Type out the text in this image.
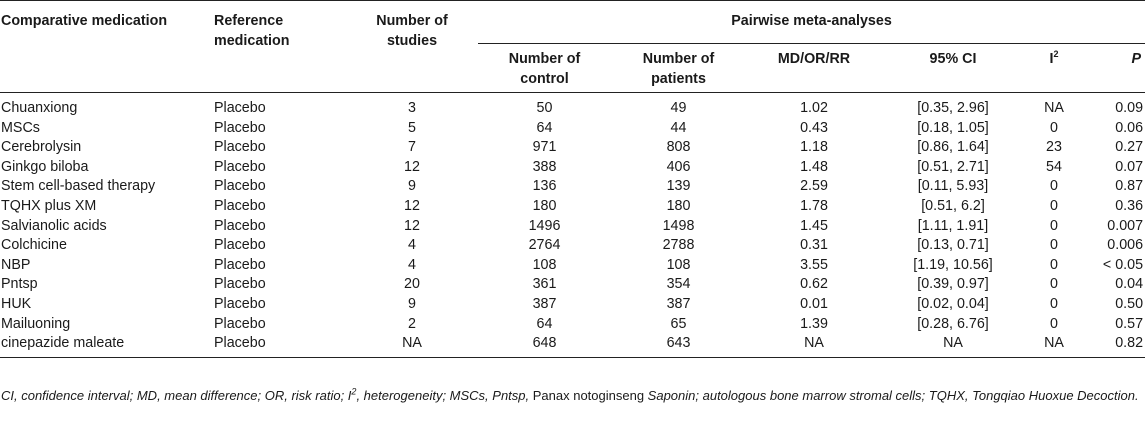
Comparative medication	Reference medication	Number of studies	Pairwise meta-analyses					
			Number of control	Number of patients	MD/OR/RR	95% CI	$I^2$	P
Chuanxiong	Placebo	3	50	49	1.02	[0.35, 2.96]	NA	0.09
MSCs	Placebo	5	64	44	0.43	[0.18, 1.05]	0	0.06
Cerebrolysin	Placebo	7	971	808	1.18	[0.86, 1.64]	23	0.27
Ginkgo biloba	Placebo	12	388	406	1.48	[0.51, 2.71]	54	0.07
Stem cell-based therapy	Placebo	9	136	139	2.59	[0.11, 5.93]	0	0.87
TQHX plus XM	Placebo	12	180	180	1.78	[0.51, 6.2]	0	0.36
Salvianolic acids	Placebo	12	1496	1498	1.45	[1.11, 1.91]	0	0.007
Colchicine	Placebo	4	2764	2788	0.31	[0.13, 0.71]	0	0.006
NBP	Placebo	4	108	108	3.55	[1.19, 10.56]	0	< 0.05
Pntsp	Placebo	20	361	354	0.62	[0.39, 0.97]	0	0.04
HUK	Placebo	9	387	387	0.01	[0.02, 0.04]	0	0.50
Mailuoning	Placebo	2	64	65	1.39	[0.28, 6.76]	0	0.57
cinepazide maleate	Placebo	NA	648	643	NA	NA	NA	0.82
CI, confidence interval; MD, mean difference; OR, risk ratio; $I^2$, heterogeneity; MSCs, Pntsp, Panax notoginseng Saponin; autologous bone marrow stromal cells; TQHX, Tongqiao Huoxue Decoction.
